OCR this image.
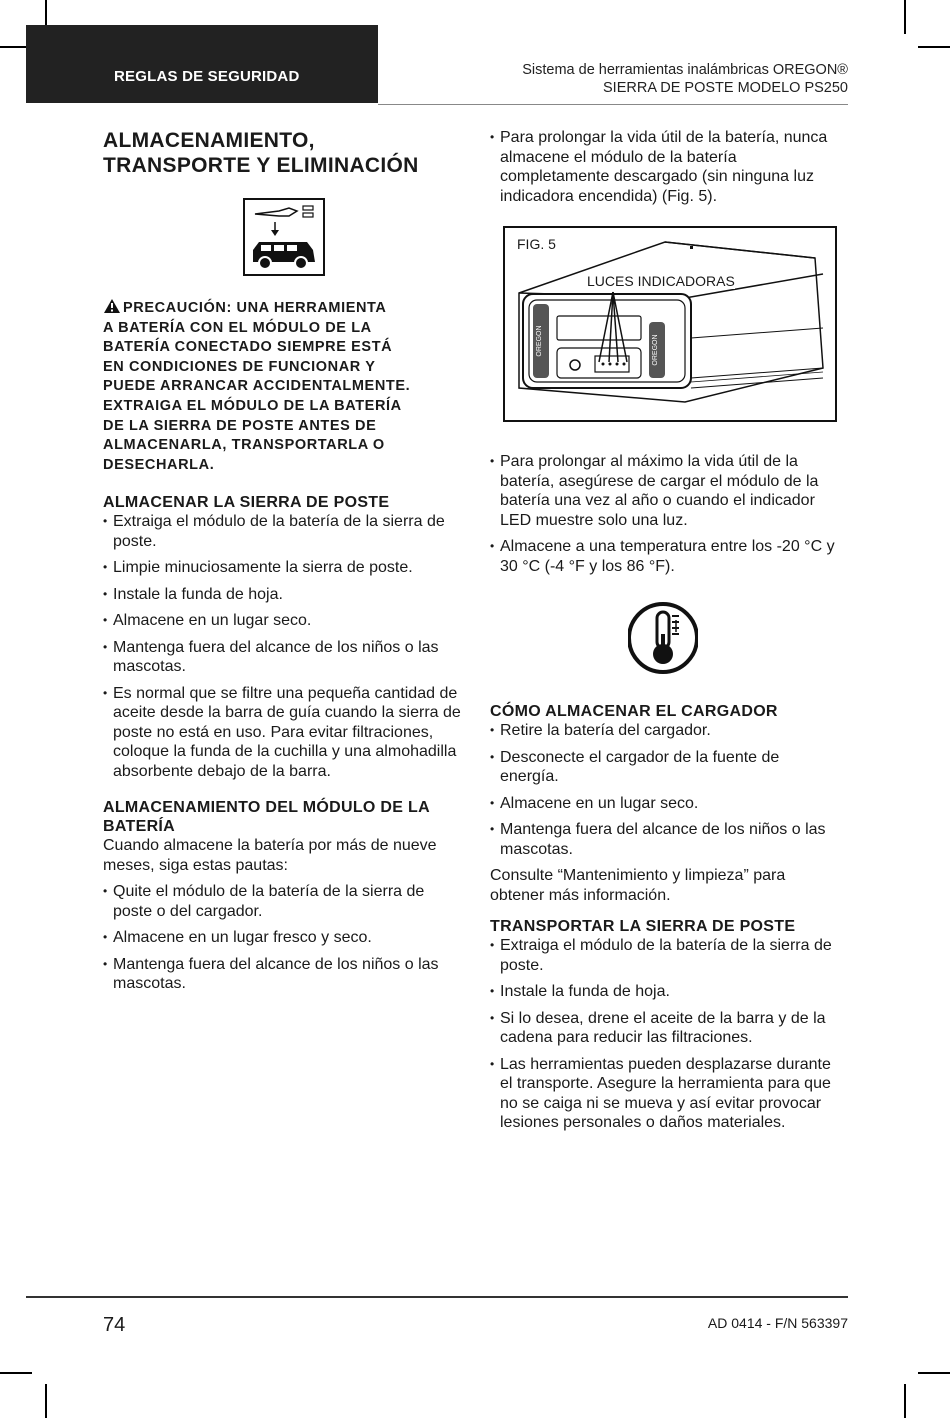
REGLAS DE SEGURIDAD	Sistema de herramientas inalámbricas OREGON®
SIERRA DE POSTE MODELO PS250
ALMACENAMIENTO,
TRANSPORTE Y ELIMINACIÓN
PRECAUCIÓN: UNA HERRAMIENTA
A BATERÍA CON EL MÓDULO DE LA
BATERÍA CONECTADO SIEMPRE ESTÁ
EN CONDICIONES DE FUNCIONAR Y
PUEDE ARRANCAR ACCIDENTALMENTE.
EXTRAIGA EL MÓDULO DE LA BATERÍA
DE LA SIERRA DE POSTE ANTES DE
ALMACENARLA, TRANSPORTARLA O
DESECHARLA.
ALMACENAR LA SIERRA DE POSTE
• Extraiga el módulo de la batería de la sierra de poste.
• Limpie minuciosamente la sierra de poste.
• Instale la funda de hoja.
• Almacene en un lugar seco.
• Mantenga fuera del alcance de los niños o las mascotas.
• Es normal que se filtre una pequeña cantidad de aceite desde la barra de guía cuando la sierra de poste no está en uso. Para evitar filtraciones, coloque la funda de la cuchilla y una almohadilla absorbente debajo de la barra.
ALMACENAMIENTO DEL MÓDULO DE LA BATERÍA

Cuando almacene la batería por más de nueve meses, siga estas pautas:

• Quite el módulo de la batería de la sierra de poste o del cargador.
• Almacene en un lugar fresco y seco.
• Mantenga fuera del alcance de los niños o las mascotas.
• Para prolongar la vida útil de la batería, nunca almacene el módulo de la batería completamente descargado (sin ninguna luz indicadora encendida) (Fig. 5).
FIG. 5
OREGON	OREGON
LUCES INDICADORAS
• Para prolongar al máximo la vida útil de la batería, asegúrese de cargar el módulo de la batería una vez al año o cuando el indicador LED muestre solo una luz.
• Almacene a una temperatura entre los -20 °C y 30 °C (-4 °F y los 86 °F).
CÓMO ALMACENAR EL CARGADOR
• Retire la batería del cargador.
• Desconecte el cargador de la fuente de energía.
• Almacene en un lugar seco.
• Mantenga fuera del alcance de los niños o las mascotas.

Consulte “Mantenimiento y limpieza” para obtener más información.

TRANSPORTAR LA SIERRA DE POSTE
• Extraiga el módulo de la batería de la sierra de poste.
• Instale la funda de hoja.
• Si lo desea, drene el aceite de la barra y de la cadena para reducir las filtraciones.
• Las herramientas pueden desplazarse durante el transporte. Asegure la herramienta para que no se caiga ni se mueva y así evitar provocar lesiones personales o daños materiales.
74	AD 0414 - F/N 563397
